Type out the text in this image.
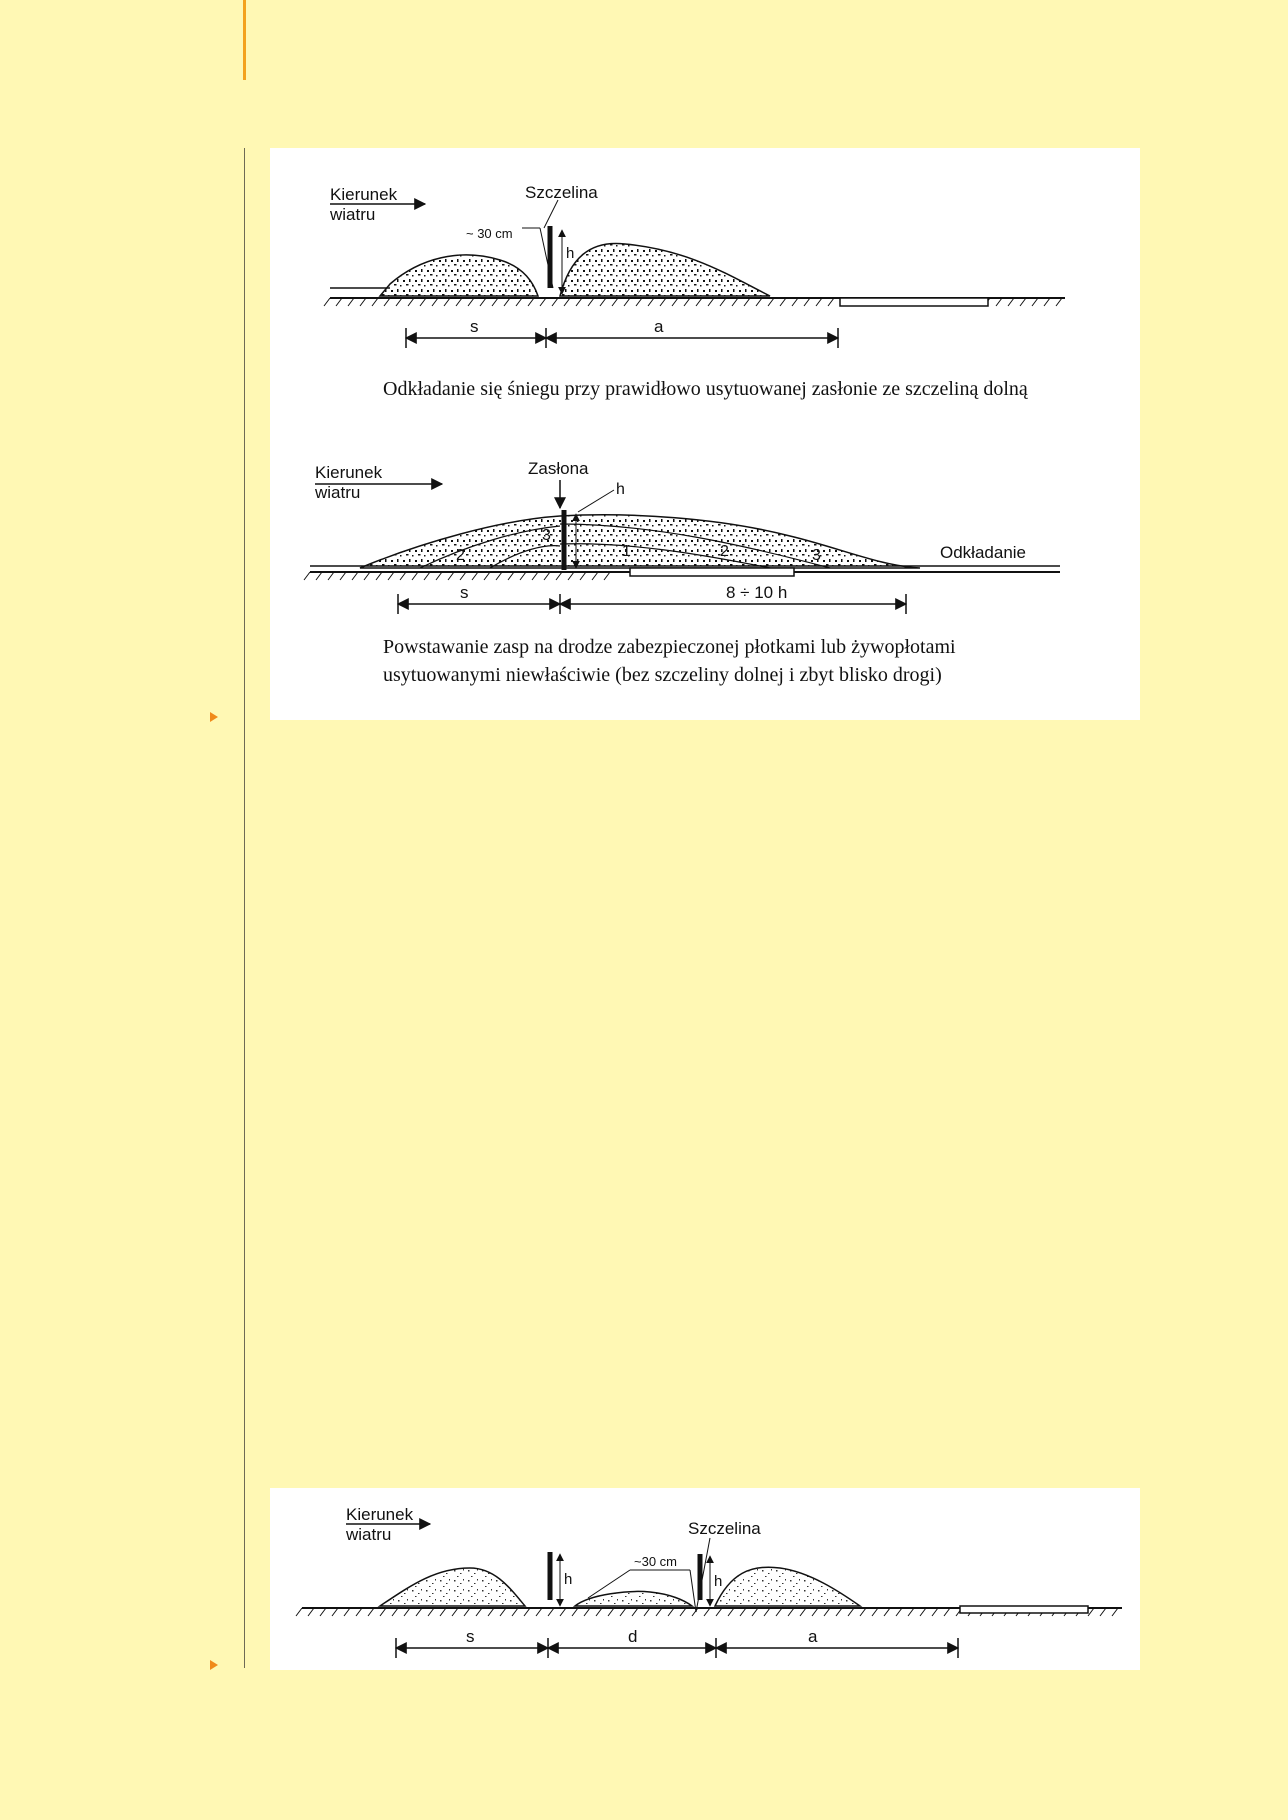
Kierunek
wiatru
Szczelina
~ 30 cm
h
s	a
Odkładanie się śniegu przy prawidłowo usytuowanej zasłonie ze szczeliną dolną
Kierunek
wiatru
Zasłona
h
2
3
1	2	3	Odkładanie
s	8 ÷ 10 h
Powstawanie zasp na drodze zabezpieczonej płotkami lub żywopłotami
usytuowanymi niewłaściwie (bez szczeliny dolnej i zbyt blisko drogi)
Kierunek
wiatru	Szczelina
~30 cm
h	h
s	d	a
